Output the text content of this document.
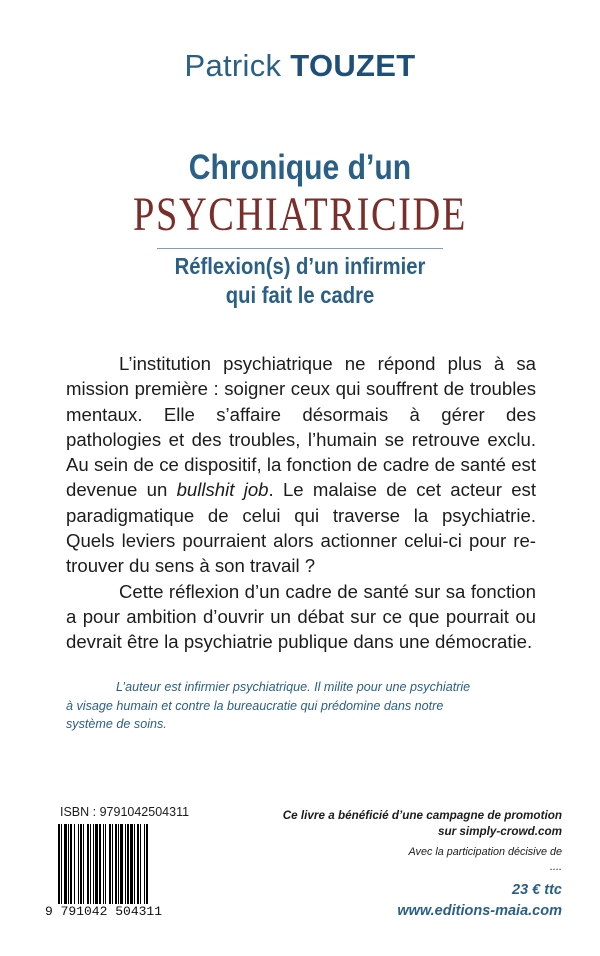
Patrick TOUZET
Chronique d’un
PSYCHIATRICIDE
Réflexion(s) d’un infirmier
qui fait le cadre

L’institution psychiatrique ne répond plus à sa mission première : soigner ceux qui souffrent de troubles mentaux. Elle s’affaire désormais à gérer des pathologies et des troubles, l’humain se retrouve exclu. Au sein de ce dispositif, la fonction de cadre de santé est devenue un bullshit job. Le malaise de cet acteur est paradigmatique de celui qui traverse la psychiatrie. Quels leviers pourraient alors actionner celui-ci pour re-trouver du sens à son travail ?

Cette réflexion d’un cadre de santé sur sa fonction a pour ambition d’ouvrir un débat sur ce que pourrait ou devrait être la psychiatrie publique dans une démocratie.

L’auteur est infirmier psychiatrique. Il milite pour une psychiatrie
à visage humain et contre la bureaucratie qui prédomine dans notre
système de soins.
ISBN : 9791042504311
9 791042 504311
Ce livre a bénéficié d’une campagne de promotion
sur simply-crowd.com
Avec la participation décisive de
....
23 € ttc
www.editions-maia.com
